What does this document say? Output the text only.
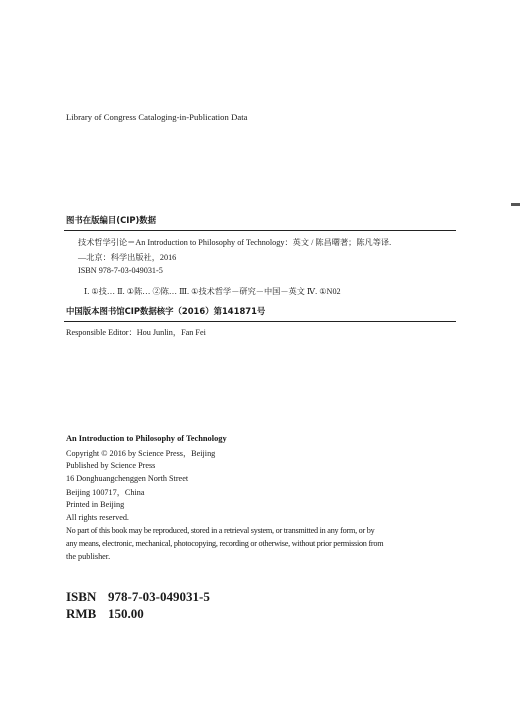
Library of Congress Cataloging-in-Publication Data
图书在版编目(CIP)数据
技术哲学引论＝An Introduction to Philosophy of Technology：英文 / 陈昌曙著；陈凡等译.
—北京：科学出版社，2016
ISBN 978-7-03-049031-5
Ⅰ. ①技… Ⅱ. ①陈… ②陈… Ⅲ. ①技术哲学－研究－中国－英文 Ⅳ. ①N02
中国版本图书馆CIP数据核字（2016）第141871号
Responsible Editor：Hou Junlin，Fan Fei
An Introduction to Philosophy of Technology
Copyright © 2016 by Science Press，Beijing
Published by Science Press
16 Donghuangchenggen North Street
Beijing 100717，China
Printed in Beijing
All rights reserved.
No part of this book may be reproduced, stored in a retrieval system, or transmitted in any form, or by
any means, electronic, mechanical, photocopying, recording or otherwise, without prior permission from
the publisher.
ISBN 978-7-03-049031-5
RMB 150.00
